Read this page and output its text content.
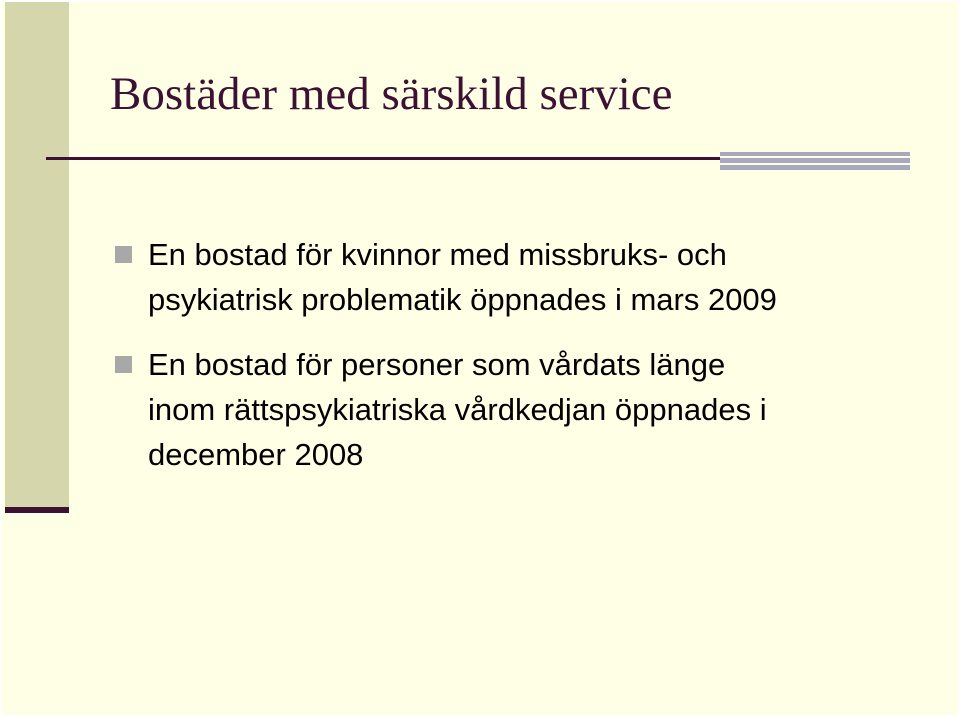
Bostäder med särskild service
En bostad för kvinnor med missbruks- och
psykiatrisk problematik öppnades i mars 2009
En bostad för personer som vårdats länge
inom rättspsykiatriska vårdkedjan öppnades i
december 2008
